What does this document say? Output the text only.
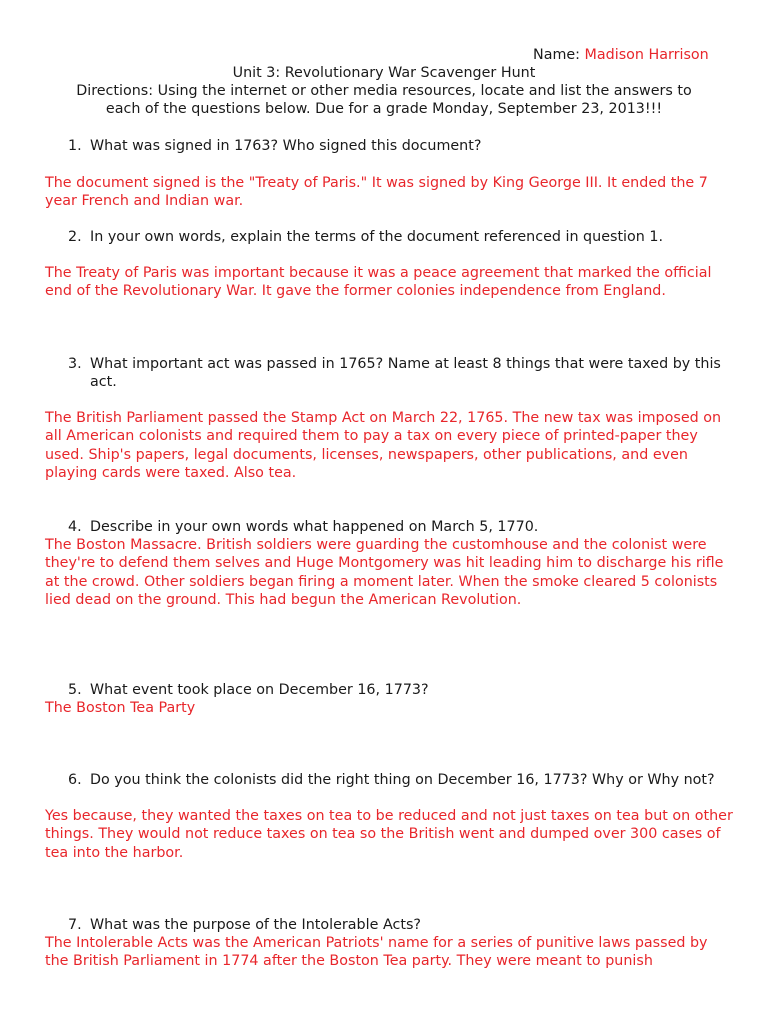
Name: Madison Harrison
Unit 3: Revolutionary War Scavenger Hunt
Directions: Using the internet or other media resources, locate and list the answers to
each of the questions below. Due for a grade Monday, September 23, 2013!!!
1. What was signed in 1763? Who signed this document?
The document signed is the "Treaty of Paris." It was signed by King George III. It ended the 7 year French and Indian war.
2. In your own words, explain the terms of the document referenced in question 1.
The Treaty of Paris was important because it was a peace agreement that marked the official end of the Revolutionary War. It gave the former colonies independence from England.
3. What important act was passed in 1765? Name at least 8 things that were taxed by this act.
The British Parliament passed the Stamp Act on March 22, 1765. The new tax was imposed on all American colonists and required them to pay a tax on every piece of printed-paper they used. Ship's papers, legal documents, licenses, newspapers, other publications, and even playing cards were taxed. Also tea.
4. Describe in your own words what happened on March 5, 1770.
The Boston Massacre. British soldiers were guarding the customhouse and the colonist were they're to defend them selves and Huge Montgomery was hit leading him to discharge his rifle at the crowd. Other soldiers began firing a moment later. When the smoke cleared 5 colonists lied dead on the ground. This had begun the American Revolution.
5. What event took place on December 16, 1773?
The Boston Tea Party
6. Do you think the colonists did the right thing on December 16, 1773? Why or Why not?
Yes because, they wanted the taxes on tea to be reduced and not just taxes on tea but on other things. They would not reduce taxes on tea so the British went and dumped over 300 cases of tea into the harbor.
7. What was the purpose of the Intolerable Acts?
The Intolerable Acts was the American Patriots' name for a series of punitive laws passed by the British Parliament in 1774 after the Boston Tea party. They were meant to punish
